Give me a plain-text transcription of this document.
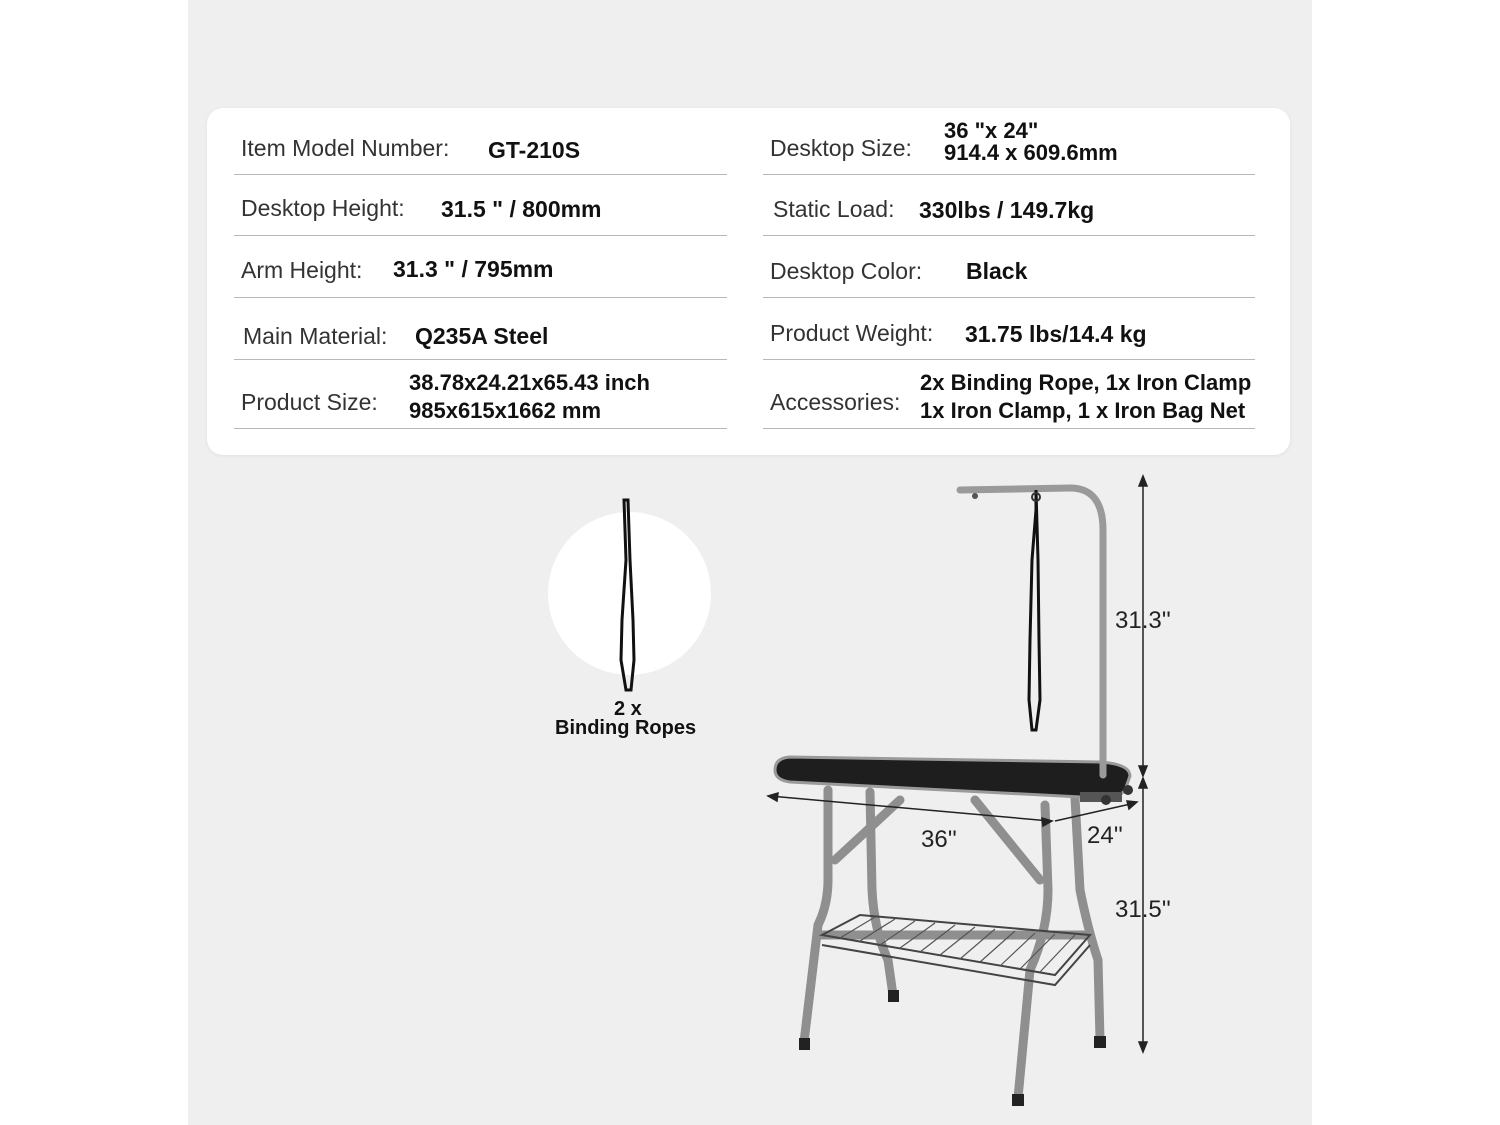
Item Model Number: GT-210S
Desktop Height: 31.5 " / 800mm
Arm Height: 31.3 " / 795mm
Main Material: Q235A Steel
Product Size:
38.78x24.21x65.43 inch
985x615x1662 mm
Desktop Size:
36 "x 24"
914.4 x 609.6mm
Static Load: 330lbs / 149.7kg
Desktop Color: Black
Product Weight: 31.75 lbs/14.4 kg
Accessories:
2x Binding Rope, 1x Iron Clamp
1x Iron Clamp, 1 x Iron Bag Net
2 x
Binding Ropes
31.3''
31.5''
36''	24''
